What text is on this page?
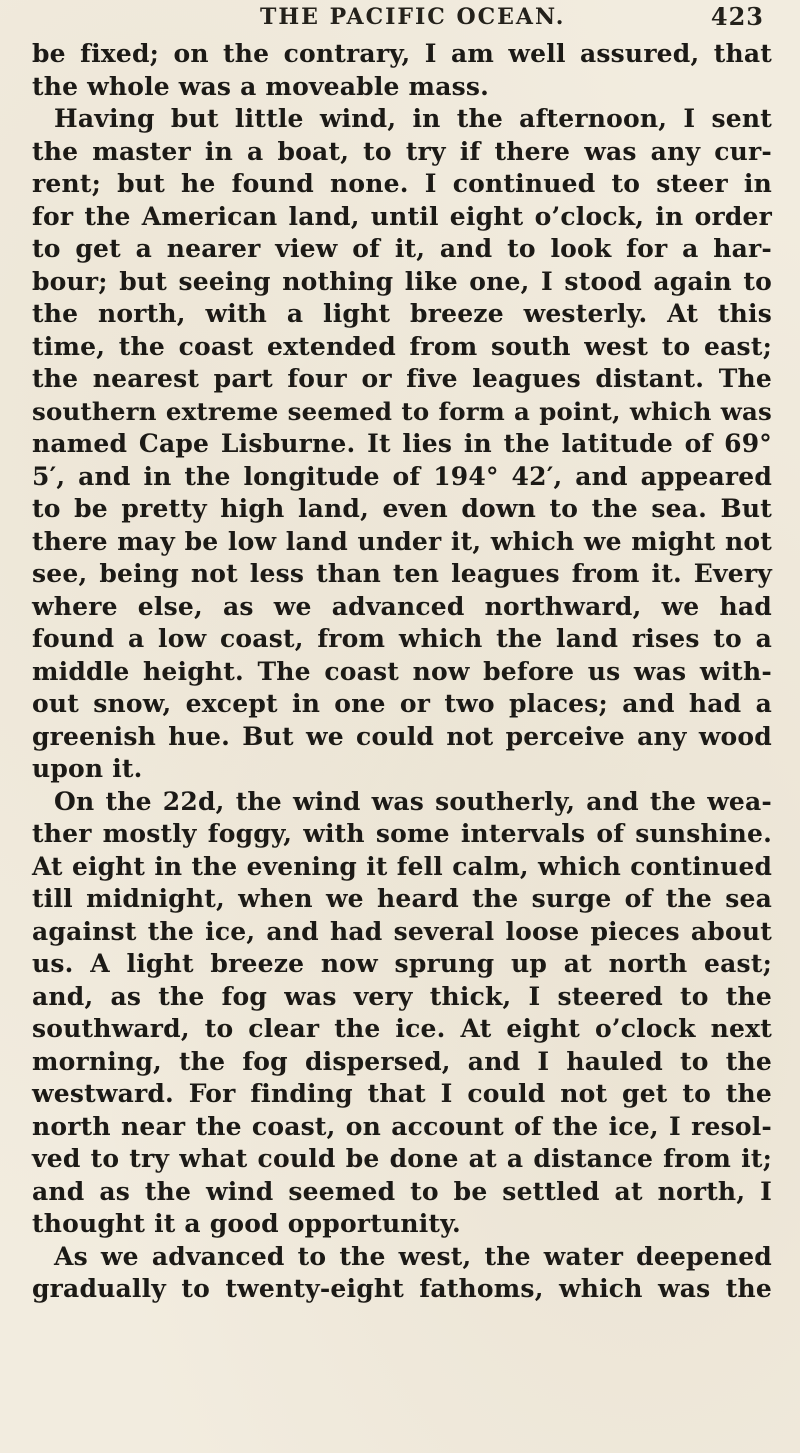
THE PACIFIC OCEAN.	423
be fixed; on the contrary, I am well assured, that
the whole was a moveable mass.
Having but little wind, in the afternoon, I sent
the master in a boat, to try if there was any cur-
rent; but he found none. I continued to steer in
for the American land, until eight o’clock, in order
to get a nearer view of it, and to look for a har-
bour; but seeing nothing like one, I stood again to
the north, with a light breeze westerly. At this
time, the coast extended from south west to east;
the nearest part four or five leagues distant. The
southern extreme seemed to form a point, which was
named Cape Lisburne. It lies in the latitude of 69°
5′, and in the longitude of 194° 42′, and appeared
to be pretty high land, even down to the sea. But
there may be low land under it, which we might not
see, being not less than ten leagues from it. Every
where else, as we advanced northward, we had
found a low coast, from which the land rises to a
middle height. The coast now before us was with-
out snow, except in one or two places; and had a
greenish hue. But we could not perceive any wood
upon it.
On the 22d, the wind was southerly, and the wea-
ther mostly foggy, with some intervals of sunshine.
At eight in the evening it fell calm, which continued
till midnight, when we heard the surge of the sea
against the ice, and had several loose pieces about
us. A light breeze now sprung up at north east;
and, as the fog was very thick, I steered to the
southward, to clear the ice. At eight o’clock next
morning, the fog dispersed, and I hauled to the
westward. For finding that I could not get to the
north near the coast, on account of the ice, I resol-
ved to try what could be done at a distance from it;
and as the wind seemed to be settled at north, I
thought it a good opportunity.
As we advanced to the west, the water deepened
gradually to twenty-eight fathoms, which was the
